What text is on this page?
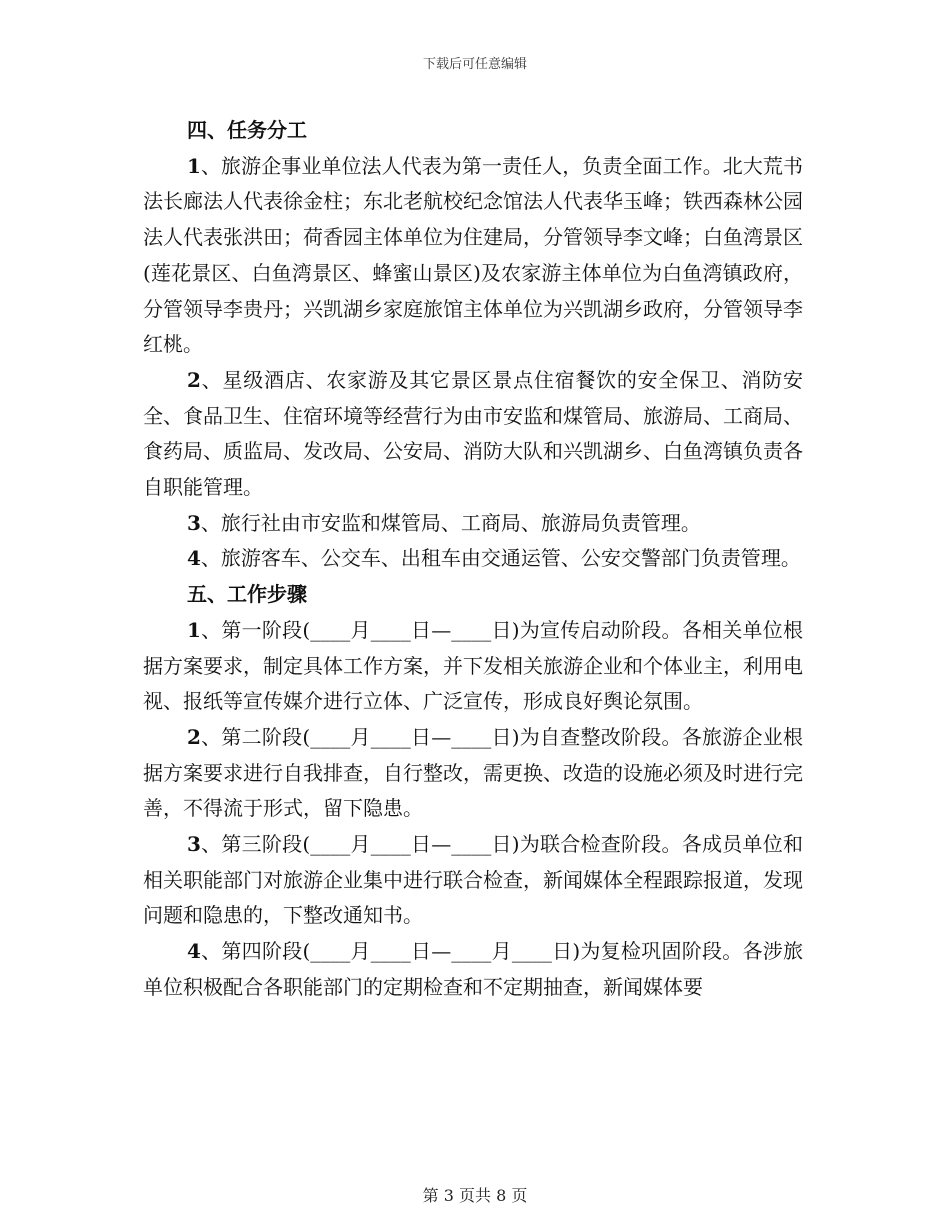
下载后可任意编辑
四、任务分工

1、旅游企事业单位法人代表为第一责任人，负责全面工作。北大荒书法长廊法人代表徐金柱；东北老航校纪念馆法人代表华玉峰；铁西森林公园法人代表张洪田；荷香园主体单位为住建局，分管领导李文峰；白鱼湾景区(莲花景区、白鱼湾景区、蜂蜜山景区)及农家游主体单位为白鱼湾镇政府，分管领导李贵丹；兴凯湖乡家庭旅馆主体单位为兴凯湖乡政府，分管领导李红桃。

2、星级酒店、农家游及其它景区景点住宿餐饮的安全保卫、消防安全、食品卫生、住宿环境等经营行为由市安监和煤管局、旅游局、工商局、食药局、质监局、发改局、公安局、消防大队和兴凯湖乡、白鱼湾镇负责各自职能管理。

3、旅行社由市安监和煤管局、工商局、旅游局负责管理。

4、旅游客车、公交车、出租车由交通运管、公安交警部门负责管理。

五、工作步骤

1、第一阶段(____月____日—____日)为宣传启动阶段。各相关单位根据方案要求，制定具体工作方案，并下发相关旅游企业和个体业主，利用电视、报纸等宣传媒介进行立体、广泛宣传，形成良好舆论氛围。

2、第二阶段(____月____日—____日)为自查整改阶段。各旅游企业根据方案要求进行自我排查，自行整改，需更换、改造的设施必须及时进行完善，不得流于形式，留下隐患。

3、第三阶段(____月____日—____日)为联合检查阶段。各成员单位和相关职能部门对旅游企业集中进行联合检查，新闻媒体全程跟踪报道，发现问题和隐患的，下整改通知书。

4、第四阶段(____月____日—____月____日)为复检巩固阶段。各涉旅单位积极配合各职能部门的定期检查和不定期抽查，新闻媒体要

第 3 页共 8 页
